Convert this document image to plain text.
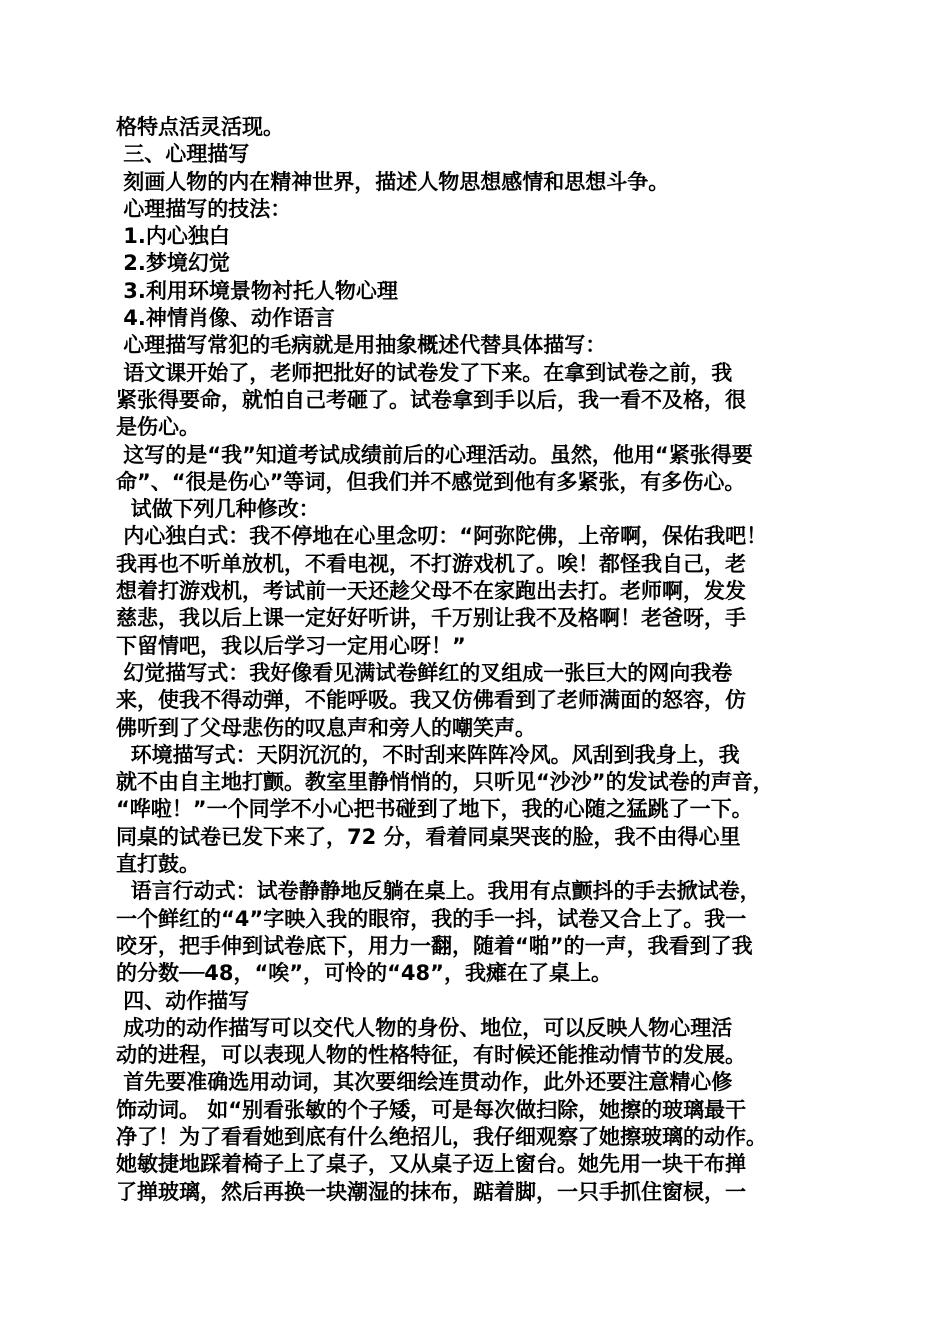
格特点活灵活现。
三、心理描写
刻画人物的内在精神世界，描述人物思想感情和思想斗争。
心理描写的技法：
1.内心独白
2.梦境幻觉
3.利用环境景物衬托人物心理
4.神情肖像、动作语言
心理描写常犯的毛病就是用抽象概述代替具体描写：
语文课开始了，老师把批好的试卷发了下来。在拿到试卷之前，我
紧张得要命，就怕自己考砸了。试卷拿到手以后，我一看不及格，很
是伤心。
这写的是“我”知道考试成绩前后的心理活动。虽然，他用“紧张得要
命”、“很是伤心”等词，但我们并不感觉到他有多紧张，有多伤心。
试做下列几种修改：
内心独白式：我不停地在心里念叨：“阿弥陀佛，上帝啊，保佑我吧！
我再也不听单放机，不看电视，不打游戏机了。唉！都怪我自己，老
想着打游戏机，考试前一天还趁父母不在家跑出去打。老师啊，发发
慈悲，我以后上课一定好好听讲，千万别让我不及格啊！老爸呀，手
下留情吧，我以后学习一定用心呀！”
幻觉描写式：我好像看见满试卷鲜红的叉组成一张巨大的网向我卷
来，使我不得动弹，不能呼吸。我又仿佛看到了老师满面的怒容，仿
佛听到了父母悲伤的叹息声和旁人的嘲笑声。
环境描写式：天阴沉沉的，不时刮来阵阵冷风。风刮到我身上，我
就不由自主地打颤。教室里静悄悄的，只听见“沙沙”的发试卷的声音，
“哗啦！”一个同学不小心把书碰到了地下，我的心随之猛跳了一下。
同桌的试卷已发下来了，72 分，看着同桌哭丧的脸，我不由得心里
直打鼓。
语言行动式：试卷静静地反躺在桌上。我用有点颤抖的手去掀试卷，
一个鲜红的“4”字映入我的眼帘，我的手一抖，试卷又合上了。我一
咬牙，把手伸到试卷底下，用力一翻，随着“啪”的一声，我看到了我
的分数──48，“唉”，可怜的“48”，我瘫在了桌上。
四、动作描写
成功的动作描写可以交代人物的身份、地位，可以反映人物心理活
动的进程，可以表现人物的性格特征，有时候还能推动情节的发展。
首先要准确选用动词，其次要细绘连贯动作，此外还要注意精心修
饰动词。 如“别看张敏的个子矮，可是每次做扫除，她擦的玻璃最干
净了！为了看看她到底有什么绝招儿，我仔细观察了她擦玻璃的动作。
她敏捷地踩着椅子上了桌子，又从桌子迈上窗台。她先用一块干布掸
了掸玻璃，然后再换一块潮湿的抹布，踮着脚，一只手抓住窗棂，一
